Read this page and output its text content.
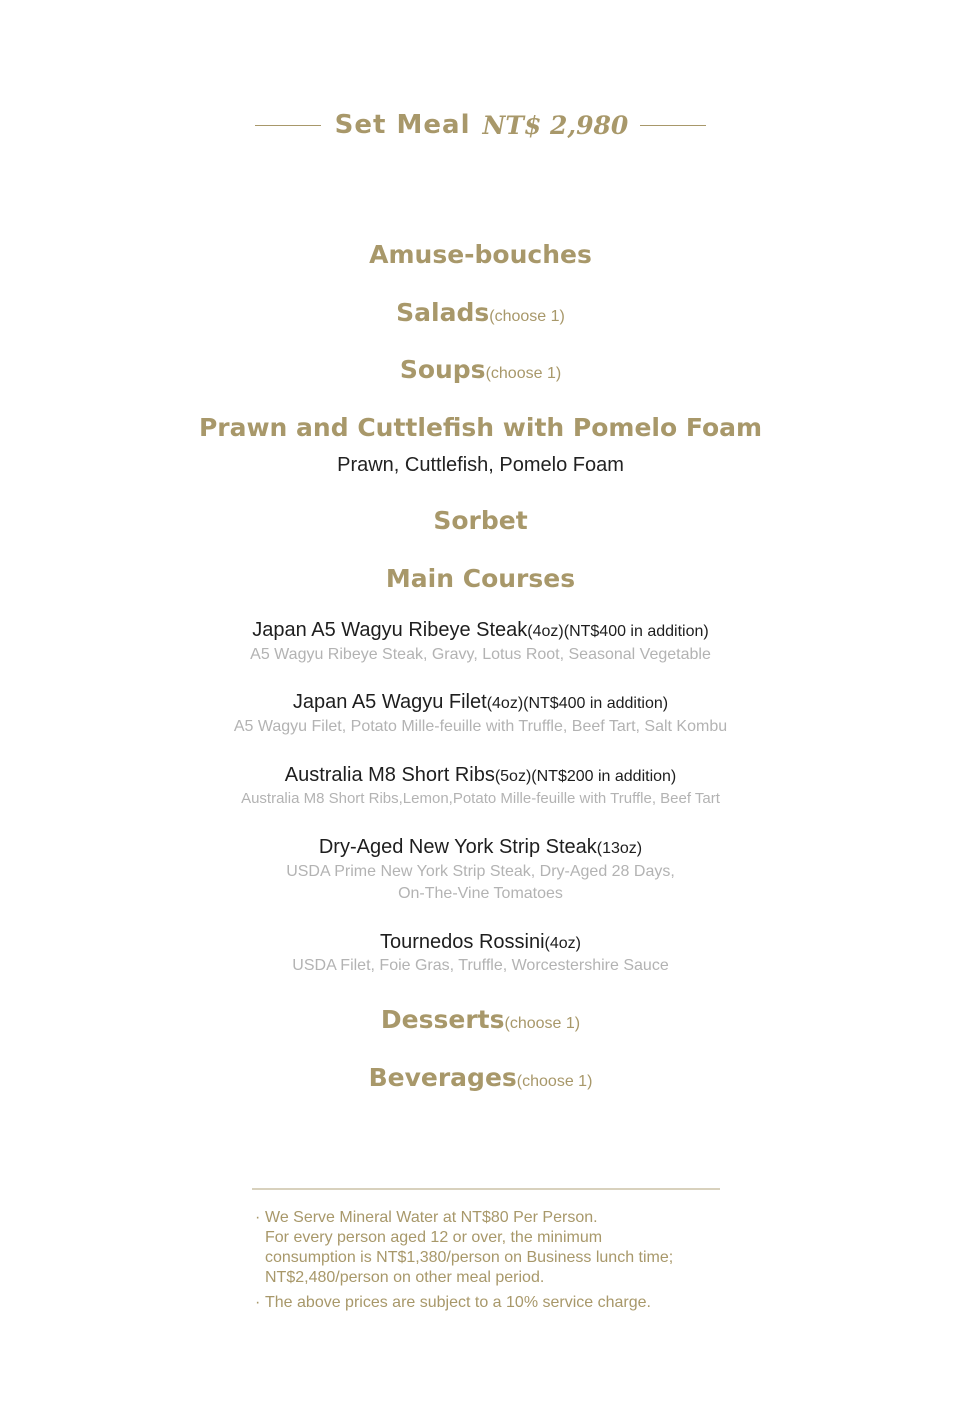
Set Meal NT$ 2,980
Amuse-bouches
Salads(choose 1)
Soups(choose 1)
Prawn and Cuttlefish with Pomelo Foam
Prawn, Cuttlefish, Pomelo Foam
Sorbet
Main Courses
Japan A5 Wagyu Ribeye Steak(4oz)(NT$400 in addition)
A5 Wagyu Ribeye Steak, Gravy, Lotus Root, Seasonal Vegetable
Japan A5 Wagyu Filet(4oz)(NT$400 in addition)
A5 Wagyu Filet, Potato Mille-feuille with Truffle, Beef Tart, Salt Kombu
Australia M8 Short Ribs(5oz)(NT$200 in addition)
Australia M8 Short Ribs,Lemon,Potato Mille-feuille with Truffle, Beef Tart
Dry-Aged New York Strip Steak(13oz)
USDA Prime New York Strip Steak, Dry-Aged 28 Days,
On-The-Vine Tomatoes
Tournedos Rossini(4oz)
USDA Filet, Foie Gras, Truffle, Worcestershire Sauce
Desserts(choose 1)
Beverages(choose 1)
· We Serve Mineral Water at NT$80 Per Person.
For every person aged 12 or over, the minimum
consumption is NT$1,380/person on Business lunch time;
NT$2,480/person on other meal period.
· The above prices are subject to a 10% service charge.
